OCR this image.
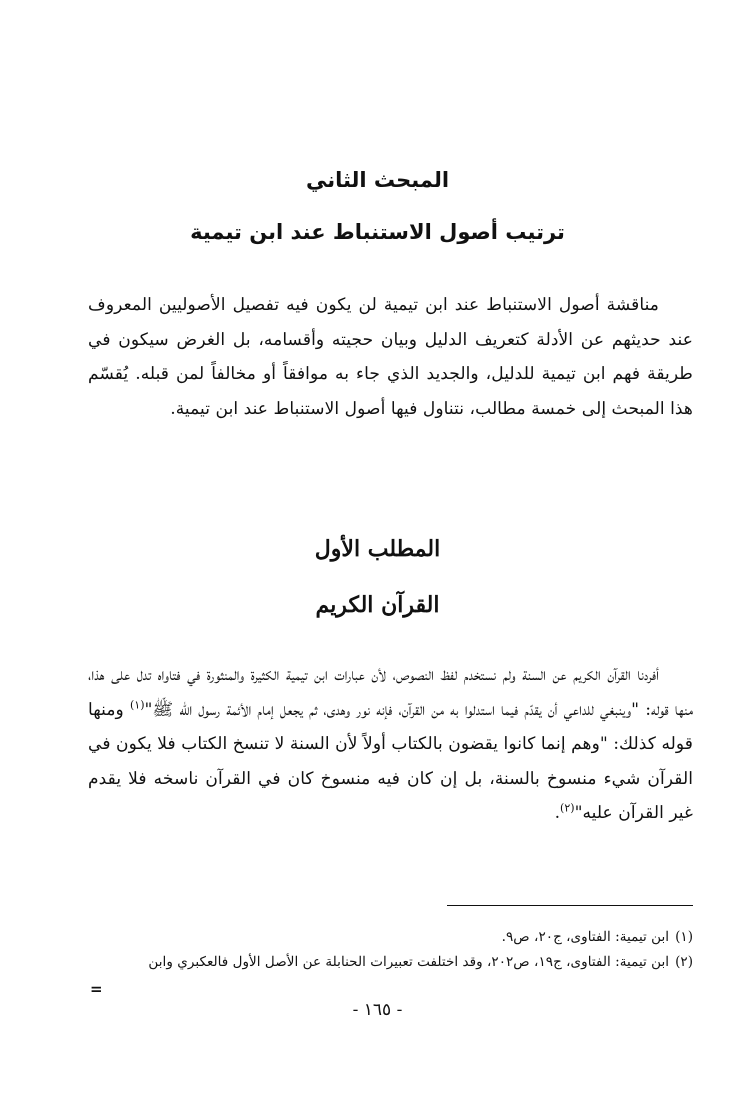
المبحث الثاني
ترتيب أصول الاستنباط عند ابن تيمية

مناقشة أصول الاستنباط عند ابن تيمية لن يكون فيه تفصيل الأصوليين المعروف عند حديثهم عن الأدلة كتعريف الدليل وبيان حجيته وأقسامه، بل الغرض سيكون في طريقة فهم ابن تيمية للدليل، والجديد الذي جاء به موافقاً أو مخالفاً لمن قبله. يُقسّم هذا المبحث إلى خمسة مطالب، نتناول فيها أصول الاستنباط عند ابن تيمية.

المطلب الأول
القرآن الكريم

أفردنا القرآن الكريم عن السنة ولم نستخدم لفظ النصوص، لأن عبارات ابن تيمية الكثيرة والمنثورة في فتاواه تدل على هذا، منها قوله: "وينبغي للداعي أن يقدّم فيما استدلوا به من القرآن، فإنه نور وهدى، ثم يجعل إمام الأئمة رسول الله ﷺ"$^{(١)}$ ومنها قوله كذلك: "وهم إنما كانوا يقضون بالكتاب أولاً لأن السنة لا تنسخ الكتاب فلا يكون في القرآن شيء منسوخ بالسنة، بل إن كان فيه منسوخ كان في القرآن ناسخه فلا يقدم غير القرآن عليه"$^{(٢)}$.

(١)ابن تيمية: الفتاوى، ج٢٠، ص٩.
(٢)ابن تيمية: الفتاوى، ج١٩، ص٢٠٢، وقد اختلفت تعبيرات الحنابلة عن الأصل الأول فالعكبري وابن
=
- ١٦٥ -
